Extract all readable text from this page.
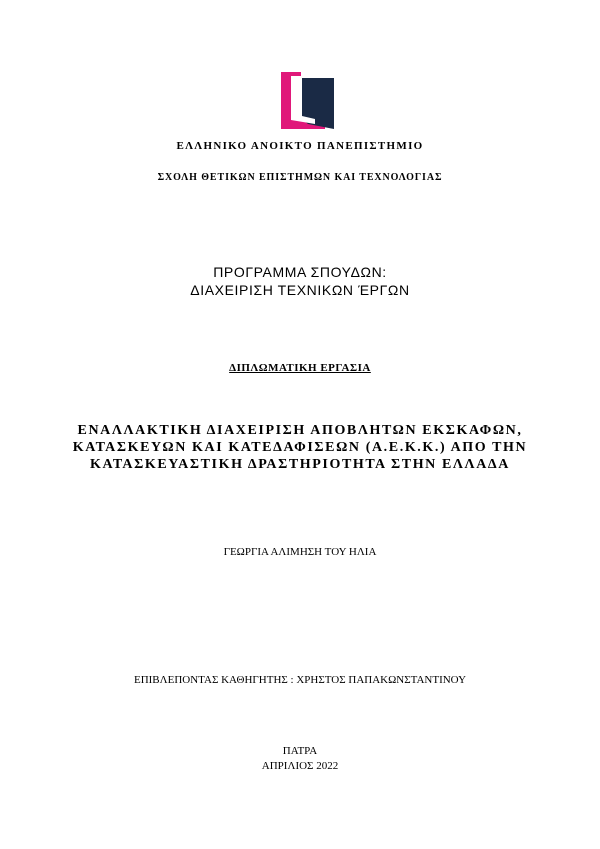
ΕΛΛΗΝΙΚΟ ΑΝΟΙΚΤΟ ΠΑΝΕΠΙΣΤΗΜΙΟ
ΣΧΟΛΗ ΘΕΤΙΚΩΝ ΕΠΙΣΤΗΜΩΝ ΚΑΙ ΤΕΧΝΟΛΟΓΙΑΣ
ΠΡΟΓΡΑΜΜΑ ΣΠΟΥΔΩΝ:
ΔΙΑΧΕΙΡΙΣΗ ΤΕΧΝΙΚΩΝ ΈΡΓΩΝ
ΔΙΠΛΩΜΑΤΙΚΗ ΕΡΓΑΣΙΑ
ΕΝΑΛΛΑΚΤΙΚΗ ΔΙΑΧΕΙΡΙΣΗ ΑΠΟΒΛΗΤΩΝ ΕΚΣΚΑΦΩΝ,
ΚΑΤΑΣΚΕΥΩΝ ΚΑΙ ΚΑΤΕΔΑΦΙΣΕΩΝ (Α.Ε.Κ.Κ.) ΑΠΟ ΤΗΝ
ΚΑΤΑΣΚΕΥΑΣΤΙΚΗ ΔΡΑΣΤΗΡΙΟΤΗΤΑ ΣΤΗΝ ΕΛΛΑΔΑ
ΓΕΩΡΓΙΑ ΑΛΙΜΗΣΗ ΤΟΥ ΗΛΙΑ
ΕΠΙΒΛΕΠΟΝΤΑΣ ΚΑΘΗΓΗΤΗΣ : ΧΡΗΣΤΟΣ ΠΑΠΑΚΩΝΣΤΑΝΤΙΝΟΥ
ΠΑΤΡΑ
ΑΠΡΙΛΙΟΣ 2022
